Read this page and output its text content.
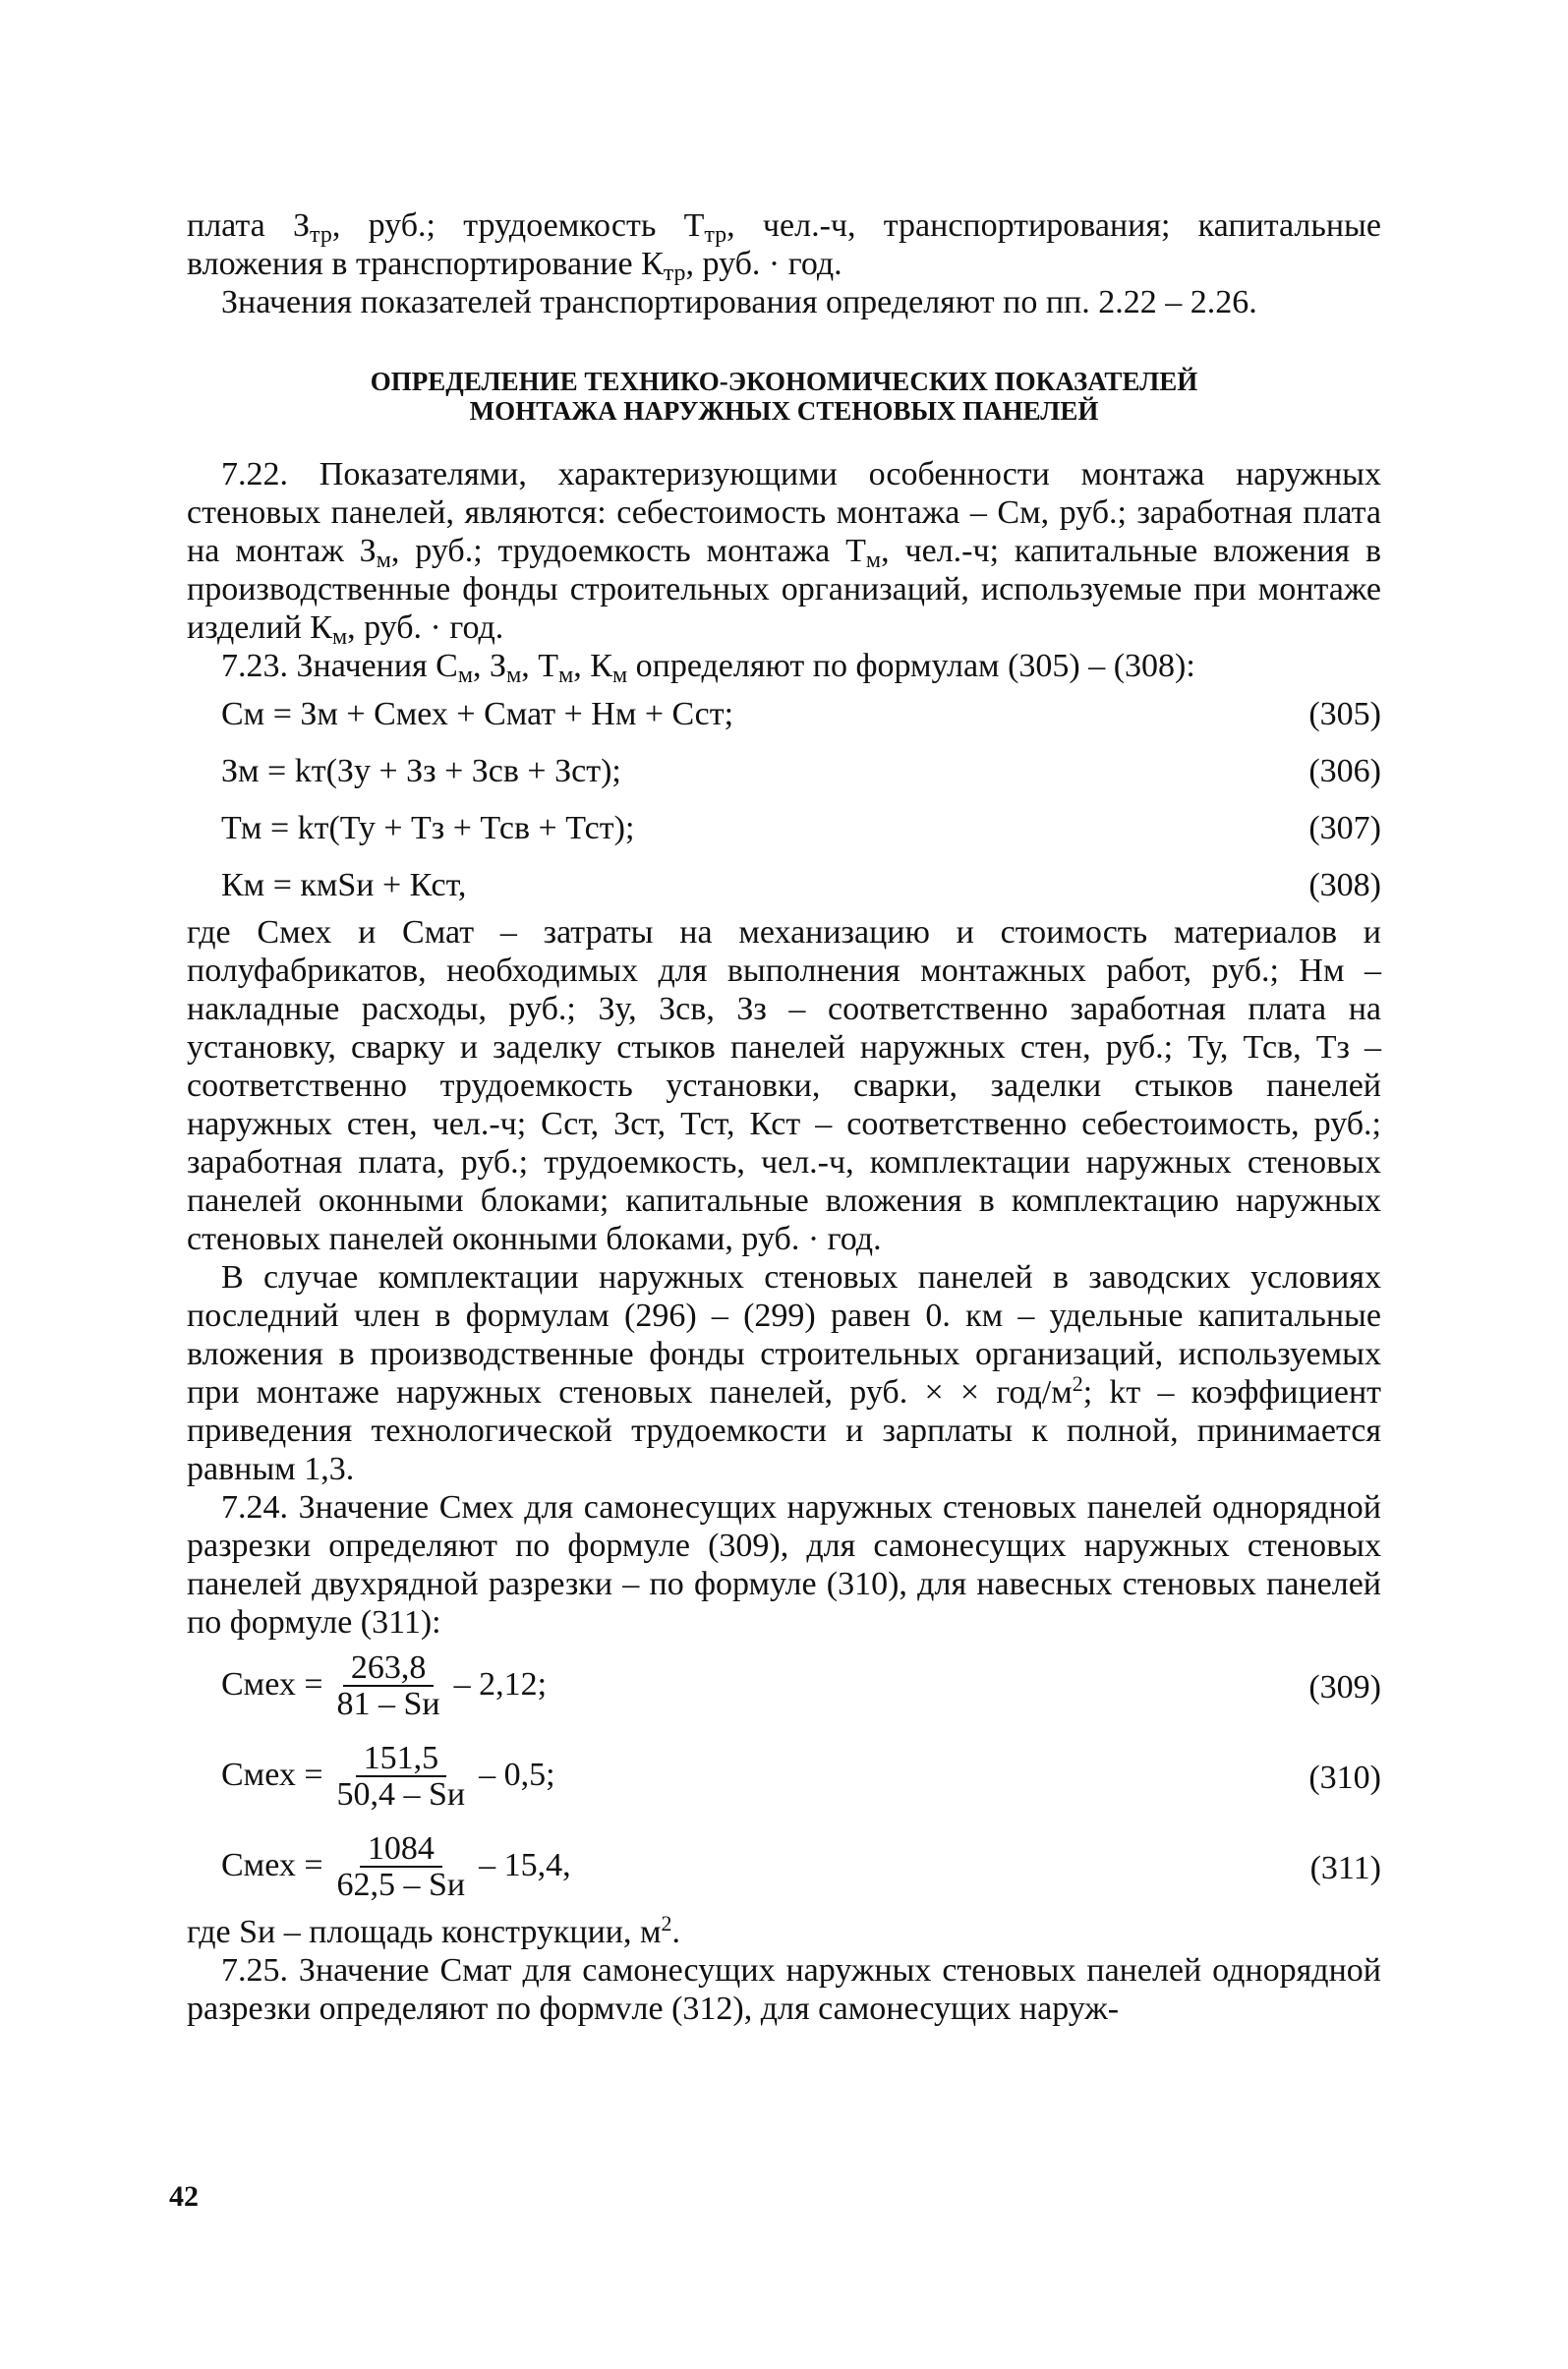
плата $З_{тр}$, руб.; трудоемкость $Т_{тр}$, чел.-ч, транспортирования; капитальные вложения в транспортирование $К_{тр}$, руб. · год.

Значения показателей транспортирования определяют по пп. 2.22 – 2.26.

ОПРЕДЕЛЕНИЕ ТЕХНИКО-ЭКОНОМИЧЕСКИХ ПОКАЗАТЕЛЕЙ
МОНТАЖА НАРУЖНЫХ СТЕНОВЫХ ПАНЕЛЕЙ

7.22. Показателями, характеризующими особенности монтажа наружных стеновых панелей, являются: себестоимость монтажа – См, руб.; заработная плата на монтаж $З_м$, руб.; трудоемкость монтажа $Т_м$, чел.-ч; капитальные вложения в производственные фонды строительных организаций, используемые при монтаже изделий $К_м$, руб. · год.

7.23. Значения $С_м$, $З_м$, $Т_м$, $К_м$ определяют по формулам (305) – (308):

См = Зм + Смех + Смат + Нм + Сст;	(305)
Зм = kт(Зу + Зз + Зсв + Зст);	(306)
Тм = kт(Ту + Тз + Тсв + Тст);	(307)
Км = кмSи + Кст,	(308)

где Cмех и Смат – затраты на механизацию и стоимость материалов и полуфабрикатов, необходимых для выполнения монтажных работ, руб.; Нм – накладные расходы, руб.; Зу, Зсв, Зз – соответственно заработная плата на установку, сварку и заделку стыков панелей наружных стен, руб.; Ту, Тсв, Тз – соответственно трудоемкость установки, сварки, заделки стыков панелей наружных стен, чел.-ч; Сст, Зст, Тст, Кст – соответственно себестоимость, руб.; заработная плата, руб.; трудоемкость, чел.-ч, комплектации наружных стеновых панелей оконными блоками; капитальные вложения в комплектацию наружных стеновых панелей оконными блоками, руб. · год.

В случае комплектации наружных стеновых панелей в заводских условиях последний член в формулам (296) – (299) равен 0. км – удельные капитальные вложения в производственные фонды строительных организаций, используемых при монтаже наружных стеновых панелей, руб. × × год/$м^2$; kт – коэффициент приведения технологической трудоемкости и зарплаты к полной, принимается равным 1,3.

7.24. Значение Cмех для самонесущих наружных стеновых панелей однорядной разрезки определяют по формуле (309), для самонесущих наружных стеновых панелей двухрядной разрезки – по формуле (310), для навесных стеновых панелей по формуле (311):

Смех = $\frac{263,8}{81 - Sи} - 2,12$;	(309)
Смех = $\frac{151,5}{50,4 - Sи} - 0,5$;	(310)
Смех = $\frac{1084}{62,5 - Sи} - 15,4$,	(311)

где Sи – площадь конструкции, $м^2$.

7.25. Значение Смат для самонесущих наружных стеновых панелей однорядной разрезки определяют по формvле (312), для самонесущих наруж-

42
